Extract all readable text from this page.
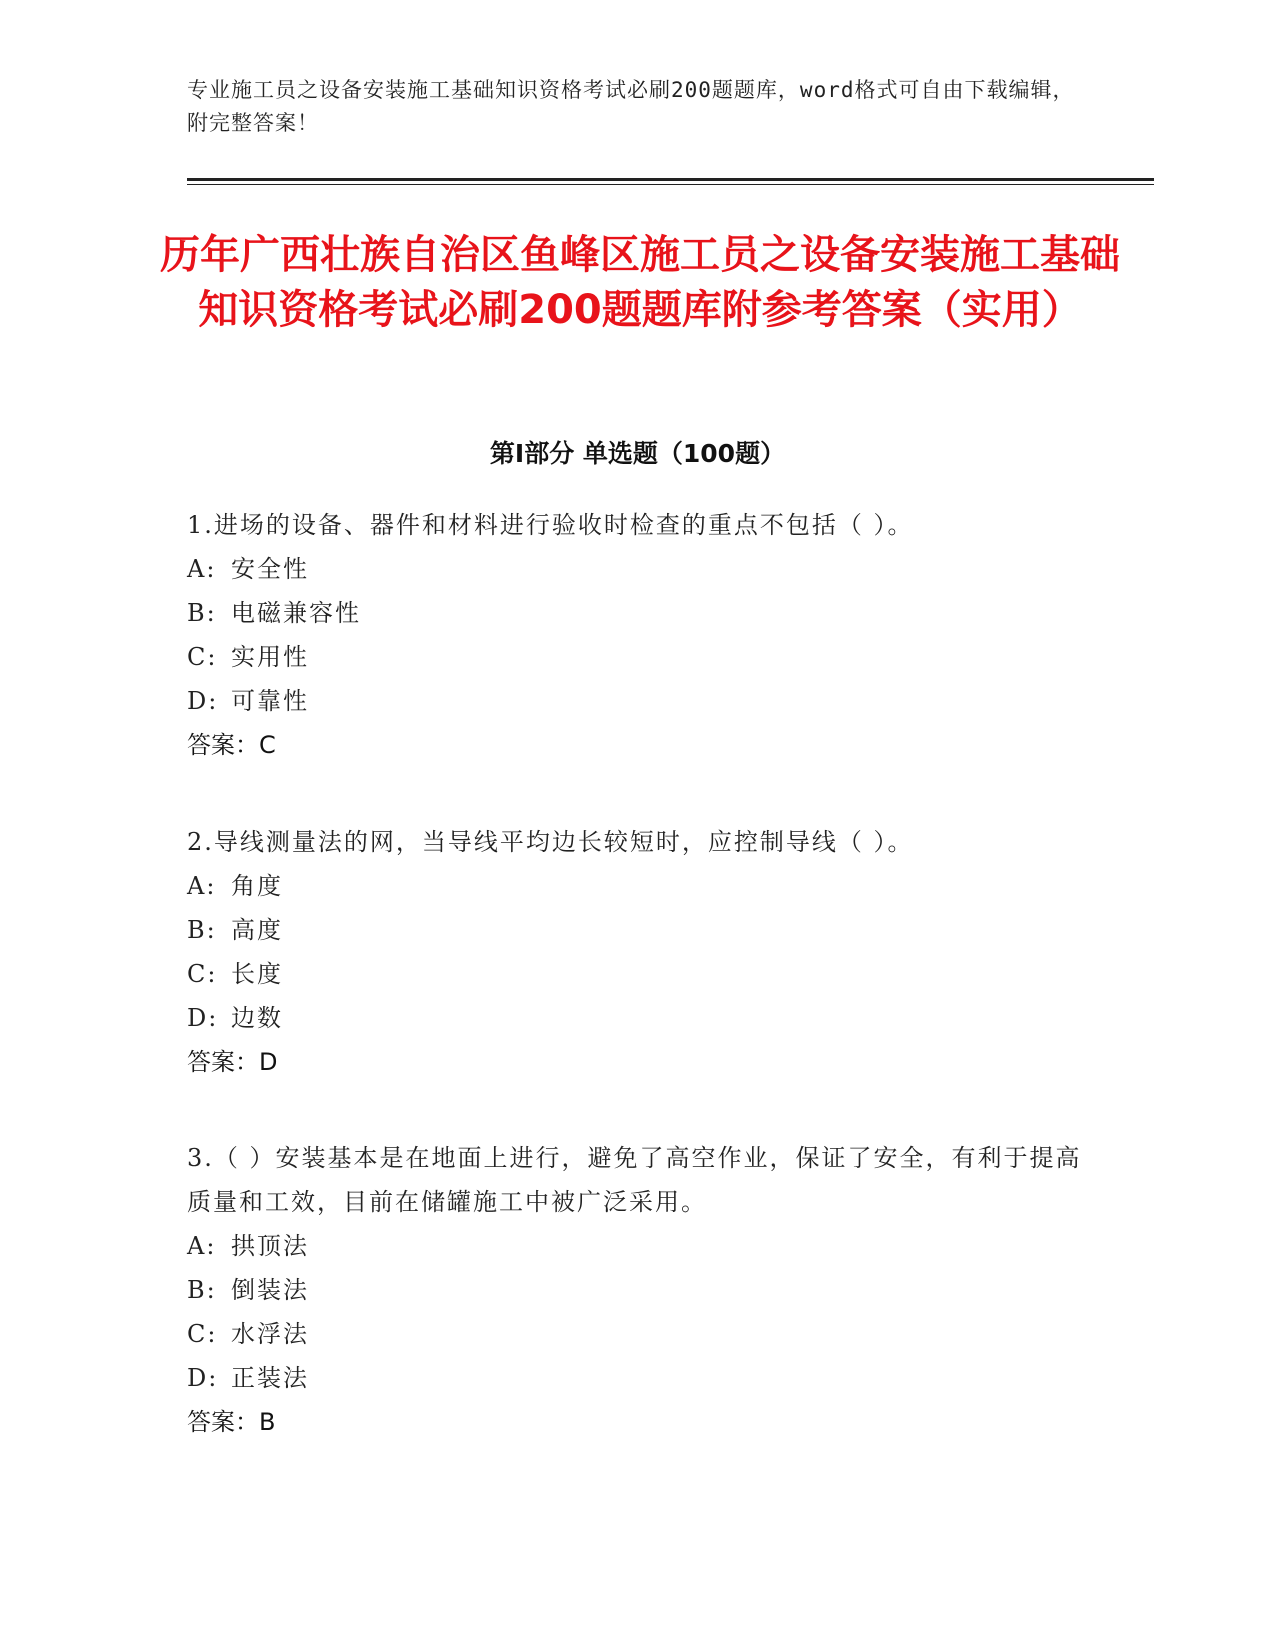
专业施工员之设备安装施工基础知识资格考试必刷200题题库，word格式可自由下载编辑，附完整答案！
历年广西壮族自治区鱼峰区施工员之设备安装施工基础知识资格考试必刷200题题库附参考答案（实用）
第Ⅰ部分 单选题（100题）
1.进场的设备、器件和材料进行验收时检查的重点不包括（ ）。
A: 安全性
B: 电磁兼容性
C: 实用性
D: 可靠性
答案：C
2.导线测量法的网，当导线平均边长较短时，应控制导线（ ）。
A: 角度
B: 高度
C: 长度
D: 边数
答案：D
3.（ ）安装基本是在地面上进行，避免了高空作业，保证了安全，有利于提高质量和工效，目前在储罐施工中被广泛采用。
A: 拱顶法
B: 倒装法
C: 水浮法
D: 正装法
答案：B
